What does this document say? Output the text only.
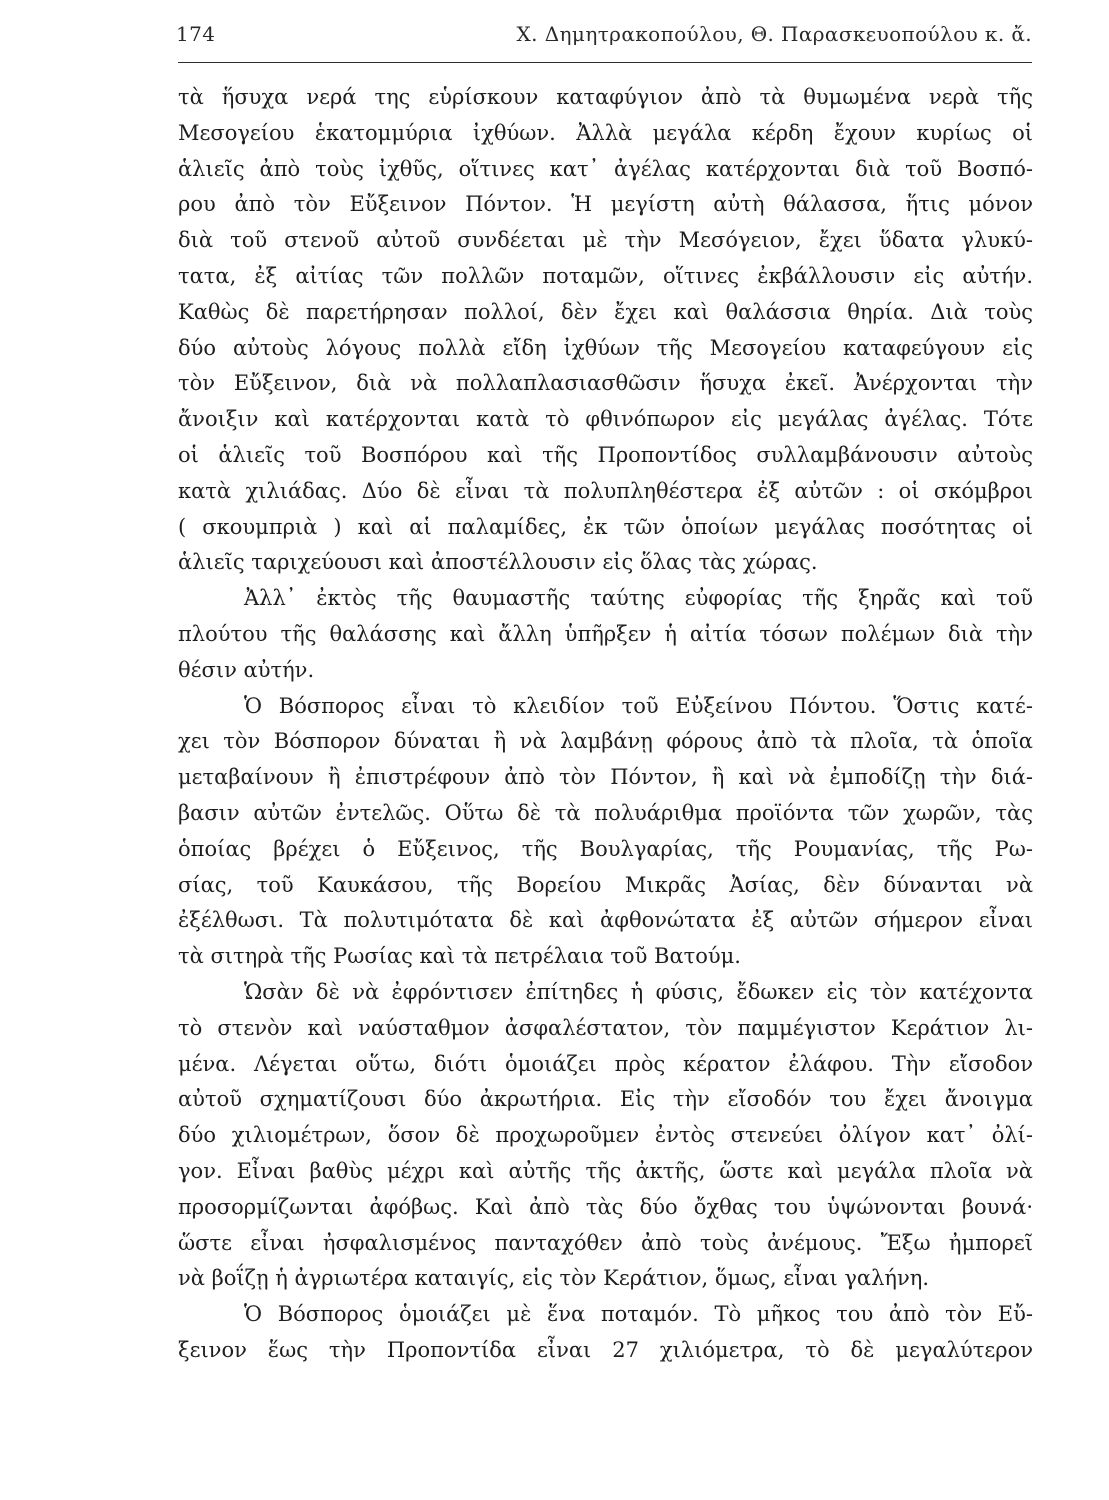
174	Χ. Δημητρακοπούλου, Θ. Παρασκευοπούλου κ. ἄ.
τὰ ἥσυχα νερά της εὑρίσκουν καταφύγιον ἀπὸ τὰ θυμωμένα νερὰ τῆς
Μεσογείου ἑκατομμύρια ἰχθύων. Ἀλλὰ μεγάλα κέρδη ἔχουν κυρίως οἱ
ἁλιεῖς ἀπὸ τοὺς ἰχθῦς, οἵτινες κατ᾽ ἀγέλας κατέρχονται διὰ τοῦ Βοσπό-
ρου ἀπὸ τὸν Εὔξεινον Πόντον. Ἡ μεγίστη αὐτὴ θάλασσα, ἥτις μόνον
διὰ τοῦ στενοῦ αὐτοῦ συνδέεται μὲ τὴν Μεσόγειον, ἔχει ὕδατα γλυκύ-
τατα, ἐξ αἰτίας τῶν πολλῶν ποταμῶν, οἵτινες ἐκβάλλουσιν εἰς αὐτήν.
Καθὼς δὲ παρετήρησαν πολλοί, δὲν ἔχει καὶ θαλάσσια θηρία. Διὰ τοὺς
δύο αὐτοὺς λόγους πολλὰ εἴδη ἰχθύων τῆς Μεσογείου καταφεύγουν εἰς
τὸν Εὔξεινον, διὰ νὰ πολλαπλασιασθῶσιν ἥσυχα ἐκεῖ. Ἀνέρχονται τὴν
ἄνοιξιν καὶ κατέρχονται κατὰ τὸ φθινόπωρον εἰς μεγάλας ἀγέλας. Τότε
οἱ ἁλιεῖς τοῦ Βοσπόρου καὶ τῆς Προποντίδος συλλαμβάνουσιν αὐτοὺς
κατὰ χιλιάδας. Δύο δὲ εἶναι τὰ πολυπληθέστερα ἐξ αὐτῶν : οἱ σκόμβροι
( σκουμπριὰ ) καὶ αἱ παλαμίδες, ἐκ τῶν ὁποίων μεγάλας ποσότητας οἱ
ἁλιεῖς ταριχεύουσι καὶ ἀποστέλλουσιν εἰς ὅλας τὰς χώρας.
Ἀλλ᾽ ἐκτὸς τῆς θαυμαστῆς ταύτης εὐφορίας τῆς ξηρᾶς καὶ τοῦ
πλούτου τῆς θαλάσσης καὶ ἄλλη ὑπῆρξεν ἡ αἰτία τόσων πολέμων διὰ τὴν
θέσιν αὐτήν.
Ὁ Βόσπορος εἶναι τὸ κλειδίον τοῦ Εὐξείνου Πόντου. Ὅστις κατέ-
χει τὸν Βόσπορον δύναται ἢ νὰ λαμβάνῃ φόρους ἀπὸ τὰ πλοῖα, τὰ ὁποῖα
μεταβαίνουν ἢ ἐπιστρέφουν ἀπὸ τὸν Πόντον, ἢ καὶ νὰ ἐμποδίζῃ τὴν διά-
βασιν αὐτῶν ἐντελῶς. Οὕτω δὲ τὰ πολυάριθμα προϊόντα τῶν χωρῶν, τὰς
ὁποίας βρέχει ὁ Εὔξεινος, τῆς Βουλγαρίας, τῆς Ρουμανίας, τῆς Ρω-
σίας, τοῦ Καυκάσου, τῆς Βορείου Μικρᾶς Ἀσίας, δὲν δύνανται νὰ
ἐξέλθωσι. Τὰ πολυτιμότατα δὲ καὶ ἀφθονώτατα ἐξ αὐτῶν σήμερον εἶναι
τὰ σιτηρὰ τῆς Ρωσίας καὶ τὰ πετρέλαια τοῦ Βατούμ.
Ὡσὰν δὲ νὰ ἐφρόντισεν ἐπίτηδες ἡ φύσις, ἔδωκεν εἰς τὸν κατέχοντα
τὸ στενὸν καὶ ναύσταθμον ἀσφαλέστατον, τὸν παμμέγιστον Κεράτιον λι-
μένα. Λέγεται οὕτω, διότι ὁμοιάζει πρὸς κέρατον ἐλάφου. Τὴν εἴσοδον
αὐτοῦ σχηματίζουσι δύο ἀκρωτήρια. Εἰς τὴν εἴσοδόν του ἔχει ἄνοιγμα
δύο χιλιομέτρων, ὅσον δὲ προχωροῦμεν ἐντὸς στενεύει ὀλίγον κατ᾽ ὀλί-
γον. Εἶναι βαθὺς μέχρι καὶ αὐτῆς τῆς ἀκτῆς, ὥστε καὶ μεγάλα πλοῖα νὰ
προσορμίζωνται ἀφόβως. Καὶ ἀπὸ τὰς δύο ὄχθας του ὑψώνονται βουνά·
ὥστε εἶναι ἠσφαλισμένος πανταχόθεν ἀπὸ τοὺς ἀνέμους. Ἔξω ἠμπορεῖ
νὰ βοΐζῃ ἡ ἀγριωτέρα καταιγίς, εἰς τὸν Κεράτιον, ὅμως, εἶναι γαλήνη.
Ὁ Βόσπορος ὁμοιάζει μὲ ἕνα ποταμόν. Τὸ μῆκος του ἀπὸ τὸν Εὔ-
ξεινον ἕως τὴν Προποντίδα εἶναι 27 χιλιόμετρα, τὸ δὲ μεγαλύτερον
